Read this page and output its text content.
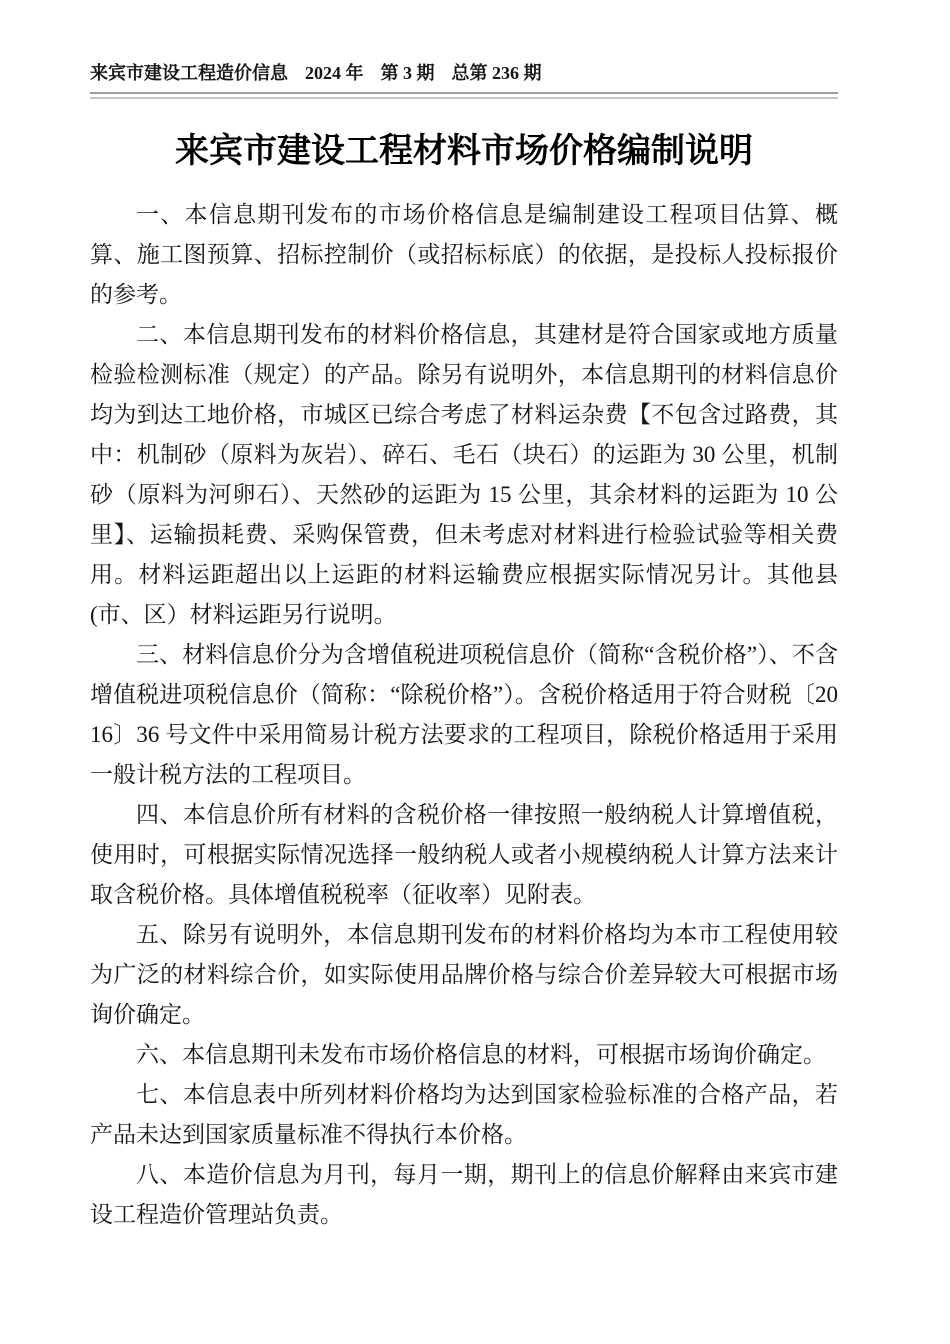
来宾市建设工程造价信息 2024 年 第 3 期 总第 236 期
来宾市建设工程材料市场价格编制说明

一、本信息期刊发布的市场价格信息是编制建设工程项目估算、概算、施工图预算、招标控制价（或招标标底）的依据，是投标人投标报价的参考。

二、本信息期刊发布的材料价格信息，其建材是符合国家或地方质量检验检测标准（规定）的产品。除另有说明外，本信息期刊的材料信息价均为到达工地价格，市城区已综合考虑了材料运杂费【不包含过路费，其中：机制砂（原料为灰岩）、碎石、毛石（块石）的运距为 30 公里，机制砂（原料为河卵石）、天然砂的运距为 15 公里，其余材料的运距为 10 公里】、运输损耗费、采购保管费，但未考虑对材料进行检验试验等相关费用。材料运距超出以上运距的材料运输费应根据实际情况另计。其他县(市、区）材料运距另行说明。

三、材料信息价分为含增值税进项税信息价（简称“含税价格”）、不含增值税进项税信息价（简称：“除税价格”）。含税价格适用于符合财税〔2016〕36 号文件中采用简易计税方法要求的工程项目，除税价格适用于采用一般计税方法的工程项目。

四、本信息价所有材料的含税价格一律按照一般纳税人计算增值税，使用时，可根据实际情况选择一般纳税人或者小规模纳税人计算方法来计取含税价格。具体增值税税率（征收率）见附表。

五、除另有说明外，本信息期刊发布的材料价格均为本市工程使用较为广泛的材料综合价，如实际使用品牌价格与综合价差异较大可根据市场询价确定。

六、本信息期刊未发布市场价格信息的材料，可根据市场询价确定。

七、本信息表中所列材料价格均为达到国家检验标准的合格产品，若产品未达到国家质量标准不得执行本价格。

八、本造价信息为月刊，每月一期，期刊上的信息价解释由来宾市建设工程造价管理站负责。
